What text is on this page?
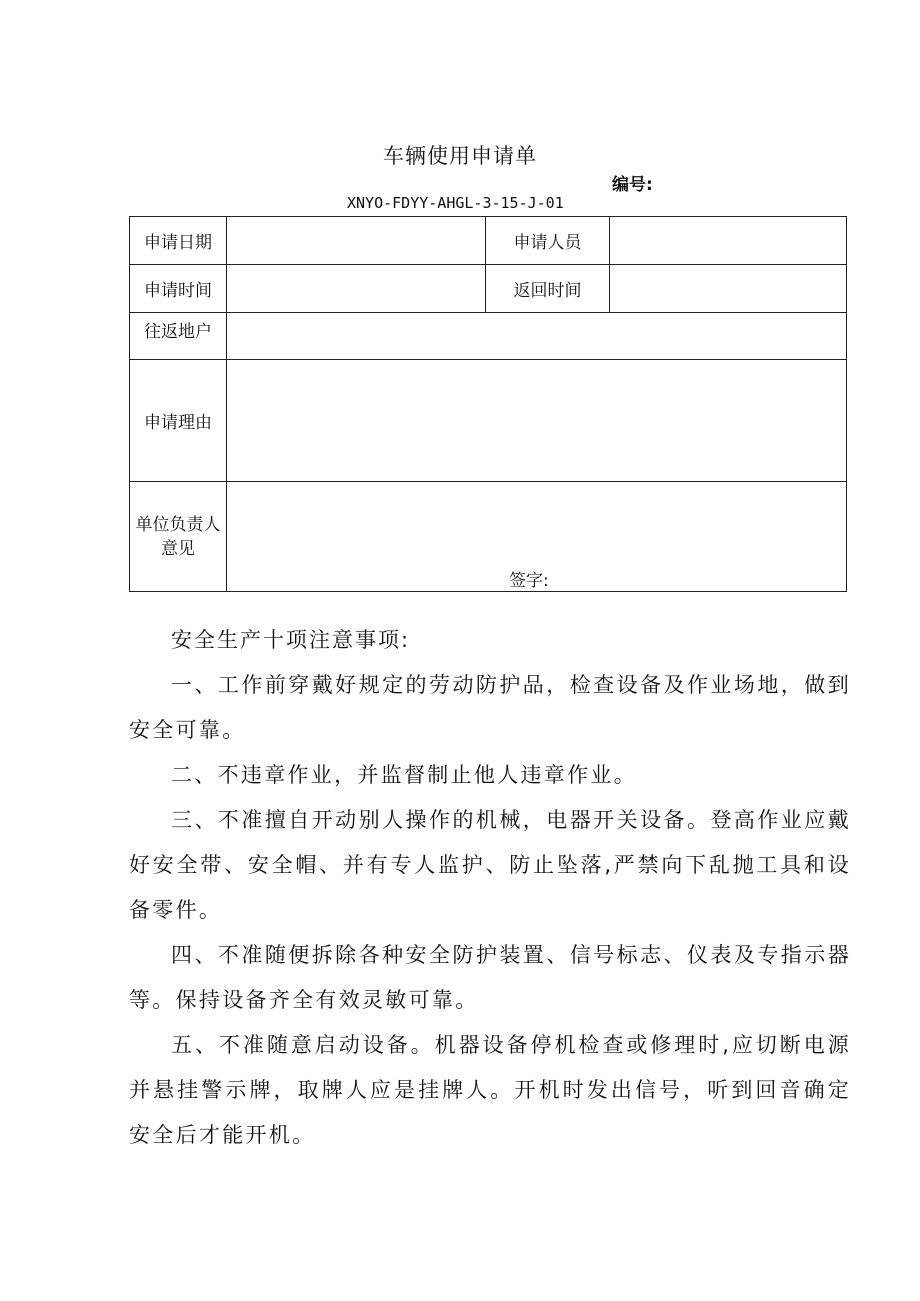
车辆使用申请单
编号:
XNYO-FDYY-AHGL-3-15-J-01
申请日期		申请人员	
申请时间		返回时间	
往返地户			
申请理由			

单位负责人
意见	签字:		

安全生产十项注意事项:

一、工作前穿戴好规定的劳动防护品，检查设备及作业场地，做到安全可靠。

二、不违章作业，并监督制止他人违章作业。

三、不准擅自开动别人操作的机械，电器开关设备。登高作业应戴好安全带、安全帽、并有专人监护、防止坠落,严禁向下乱抛工具和设备零件。

四、不准随便拆除各种安全防护装置、信号标志、仪表及专指示器等。保持设备齐全有效灵敏可靠。

五、不准随意启动设备。机器设备停机检查或修理时,应切断电源并悬挂警示牌，取牌人应是挂牌人。开机时发出信号，听到回音确定安全后才能开机。
